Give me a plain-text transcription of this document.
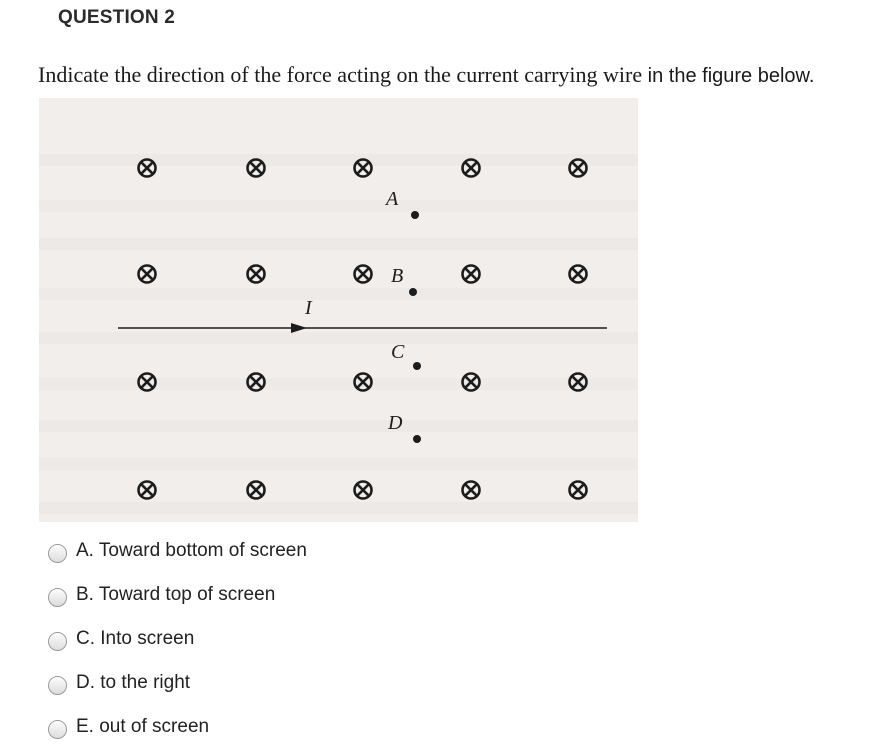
QUESTION 2
Indicate the direction of the force acting on the current carrying wire in the figure below.
I
A
B
C
D
A. Toward bottom of screen
B. Toward top of screen
C. Into screen
D. to the right
E. out of screen
